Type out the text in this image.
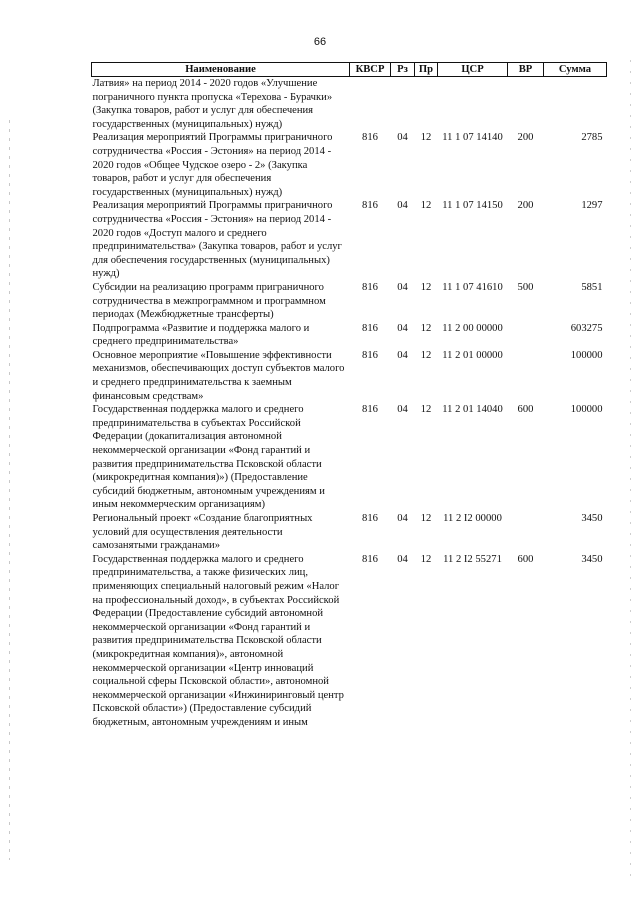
66
Наименование	КВСР	Рз	Пр	ЦСР	ВР	Сумма
Латвия» на период 2014 - 2020 годов «Улучшение пограничного пункта пропуска «Терехова - Бурачки» (Закупка товаров, работ и услуг для обеспечения государственных (муниципальных) нужд)						
Реализация мероприятий Программы приграничного сотрудничества «Россия - Эстония» на период 2014 - 2020 годов «Общее Чудское озеро - 2» (Закупка товаров, работ и услуг для обеспечения государственных (муниципальных) нужд)	816	04	12	11 1 07 14140	200	2785
Реализация мероприятий Программы приграничного сотрудничества «Россия - Эстония» на период 2014 - 2020 годов «Доступ малого и среднего предпринимательства» (Закупка товаров, работ и услуг для обеспечения государственных (муниципальных) нужд)	816	04	12	11 1 07 14150	200	1297
Субсидии на реализацию программ приграничного сотрудничества в межпрограммном и программном периодах (Межбюджетные трансферты)	816	04	12	11 1 07 41610	500	5851
Подпрограмма «Развитие и поддержка малого и среднего предпринимательства»	816	04	12	11 2 00 00000		603275
Основное мероприятие «Повышение эффективности механизмов, обеспечивающих доступ субъектов малого и среднего предпринимательства к заемным финансовым средствам»	816	04	12	11 2 01 00000		100000
Государственная поддержка малого и среднего предпринимательства в субъектах Российской Федерации (докапитализация автономной некоммерческой организации «Фонд гарантий и развития предпринимательства Псковской области (микрокредитная компания)») (Предоставление субсидий бюджетным, автономным учреждениям и иным некоммерческим организациям)	816	04	12	11 2 01 14040	600	100000
Региональный проект «Создание благоприятных условий для осуществления деятельности самозанятыми гражданами»	816	04	12	11 2 I2 00000		3450
Государственная поддержка малого и среднего предпринимательства, а также физических лиц, применяющих специальный налоговый режим «Налог на профессиональный доход», в субъектах Российской Федерации (Предоставление субсидий автономной некоммерческой организации «Фонд гарантий и развития предпринимательства Псковской области (микрокредитная компания)», автономной некоммерческой организации «Центр инноваций социальной сферы Псковской области», автономной некоммерческой организации «Инжиниринговый центр Псковской области») (Предоставление субсидий бюджетным, автономным учреждениям и иным	816	04	12	11 2 I2 55271	600	3450
